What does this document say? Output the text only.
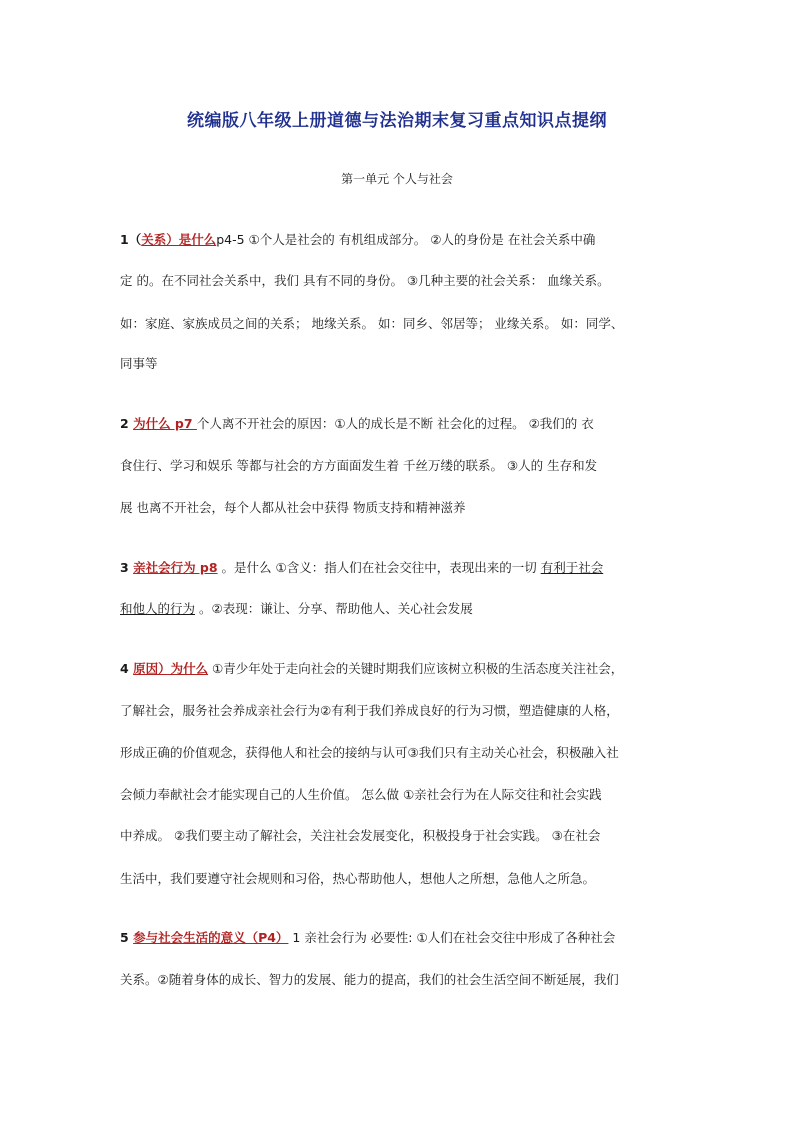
统编版八年级上册道德与法治期末复习重点知识点提纲
第一单元 个人与社会
1（关系）是什么p4-5 ①个人是社会的 有机组成部分。 ②人的身份是 在社会关系中确
定 的。在不同社会关系中，我们 具有不同的身份。 ③几种主要的社会关系： 血缘关系。
如：家庭、家族成员之间的关系； 地缘关系。 如：同乡、邻居等； 业缘关系。 如：同学、
同事等
2 为什么 p7 个人离不开社会的原因：①人的成长是不断 社会化的过程。 ②我们的 衣
食住行、学习和娱乐 等都与社会的方方面面发生着 千丝万缕的联系。 ③人的 生存和发
展 也离不开社会，每个人都从社会中获得 物质支持和精神滋养
3 亲社会行为 p8 。是什么 ①含义：指人们在社会交往中，表现出来的一切 有利于社会
和他人的行为 。②表现：谦让、分享、帮助他人、关心社会发展
4 原因）为什么 ①青少年处于走向社会的关键时期我们应该树立积极的生活态度关注社会，
了解社会，服务社会养成亲社会行为②有利于我们养成良好的行为习惯，塑造健康的人格，
形成正确的价值观念，获得他人和社会的接纳与认可③我们只有主动关心社会，积极融入社
会倾力奉献社会才能实现自己的人生价值。 怎么做 ①亲社会行为在人际交往和社会实践
中养成。 ②我们要主动了解社会，关注社会发展变化，积极投身于社会实践。 ③在社会
生活中，我们要遵守社会规则和习俗，热心帮助他人，想他人之所想，急他人之所急。
5 参与社会生活的意义（P4） 1 亲社会行为 必要性: ①人们在社会交往中形成了各种社会
关系。②随着身体的成长、智力的发展、能力的提高，我们的社会生活空间不断延展，我们
